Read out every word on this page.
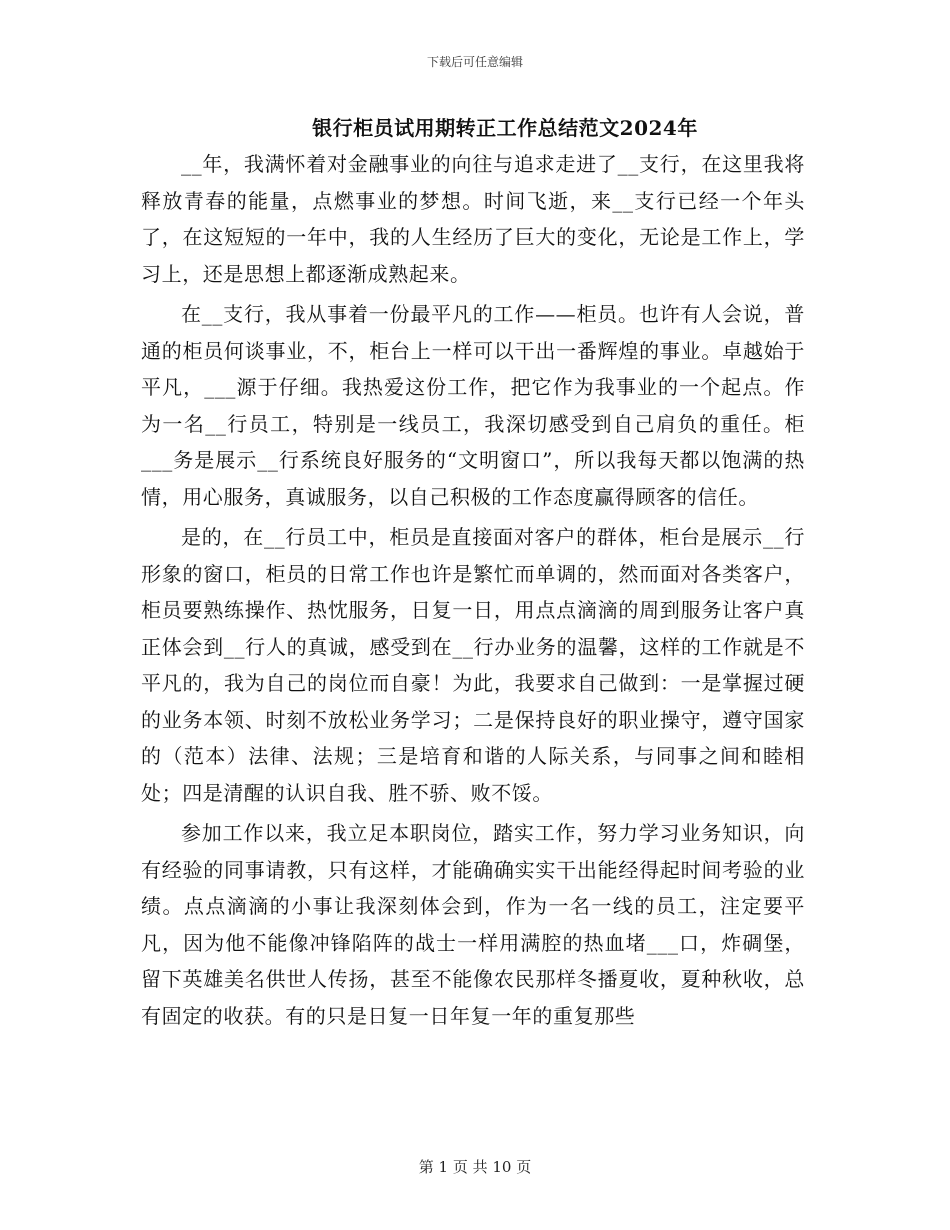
下载后可任意编辑
银行柜员试用期转正工作总结范文2024年

__年，我满怀着对金融事业的向往与追求走进了__支行，在这里我将释放青春的能量，点燃事业的梦想。时间飞逝，来__支行已经一个年头了，在这短短的一年中，我的人生经历了巨大的变化，无论是工作上，学习上，还是思想上都逐渐成熟起来。

在__支行，我从事着一份最平凡的工作——柜员。也许有人会说，普通的柜员何谈事业，不，柜台上一样可以干出一番辉煌的事业。卓越始于平凡，___源于仔细。我热爱这份工作，把它作为我事业的一个起点。作为一名__行员工，特别是一线员工，我深切感受到自己肩负的重任。柜___务是展示__行系统良好服务的“文明窗口”，所以我每天都以饱满的热情，用心服务，真诚服务，以自己积极的工作态度赢得顾客的信任。

是的，在__行员工中，柜员是直接面对客户的群体，柜台是展示__行形象的窗口，柜员的日常工作也许是繁忙而单调的，然而面对各类客户，柜员要熟练操作、热忱服务，日复一日，用点点滴滴的周到服务让客户真正体会到__行人的真诚，感受到在__行办业务的温馨，这样的工作就是不平凡的，我为自己的岗位而自豪！为此，我要求自己做到：一是掌握过硬的业务本领、时刻不放松业务学习；二是保持良好的职业操守，遵守国家的（范本）法律、法规；三是培育和谐的人际关系，与同事之间和睦相处；四是清醒的认识自我、胜不骄、败不馁。

参加工作以来，我立足本职岗位，踏实工作，努力学习业务知识，向有经验的同事请教，只有这样，才能确确实实干出能经得起时间考验的业绩。点点滴滴的小事让我深刻体会到，作为一名一线的员工，注定要平凡，因为他不能像冲锋陷阵的战士一样用满腔的热血堵___口，炸碉堡，留下英雄美名供世人传扬，甚至不能像农民那样冬播夏收，夏种秋收，总有固定的收获。有的只是日复一日年复一年的重复那些

第 1 页 共 10 页
